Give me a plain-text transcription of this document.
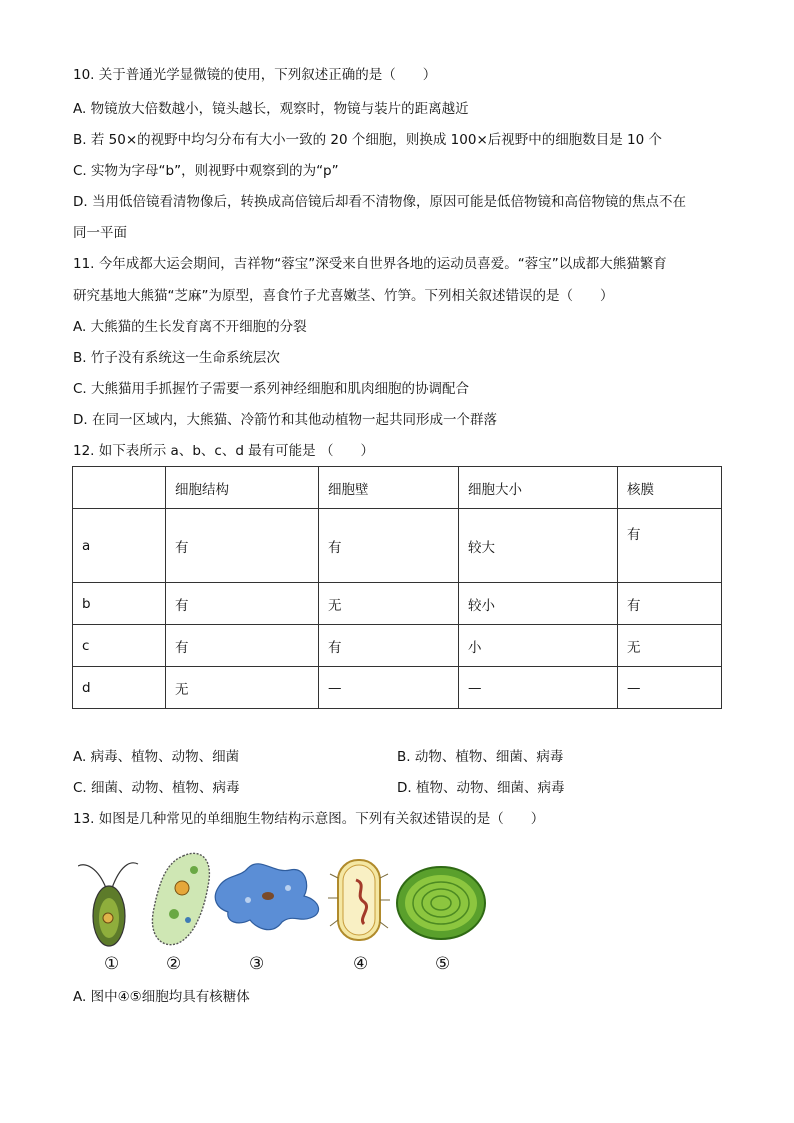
10. 关于普通光学显微镜的使用，下列叙述正确的是（　　）
A. 物镜放大倍数越小，镜头越长，观察时，物镜与装片的距离越近
B. 若 50×的视野中均匀分布有大小一致的 20 个细胞，则换成 100×后视野中的细胞数目是 10 个
C. 实物为字母“b”，则视野中观察到的为“p”
D. 当用低倍镜看清物像后，转换成高倍镜后却看不清物像，原因可能是低倍物镜和高倍物镜的焦点不在
同一平面
11. 今年成都大运会期间，吉祥物“蓉宝”深受来自世界各地的运动员喜爱。“蓉宝”以成都大熊猫繁育
研究基地大熊猫“芝麻”为原型，喜食竹子尤喜嫩茎、竹笋。下列相关叙述错误的是（　　）
A. 大熊猫的生长发育离不开细胞的分裂
B. 竹子没有系统这一生命系统层次
C. 大熊猫用手抓握竹子需要一系列神经细胞和肌肉细胞的协调配合
D. 在同一区域内，大熊猫、冷箭竹和其他动植物一起共同形成一个群落
12. 如下表所示 a、b、c、d 最有可能是 （　　）
	细胞结构	细胞壁	细胞大小	核膜
a	有	有	较大	有
b	有	无	较小	有
c	有	有	小	无
d	无	—	—	—
A. 病毒、植物、动物、细菌	B. 动物、植物、细菌、病毒
C. 细菌、动物、植物、病毒	D. 植物、动物、细菌、病毒
13. 如图是几种常见的单细胞生物结构示意图。下列有关叙述错误的是（　　）
①	②	③	④	⑤
A. 图中④⑤细胞均具有核糖体
